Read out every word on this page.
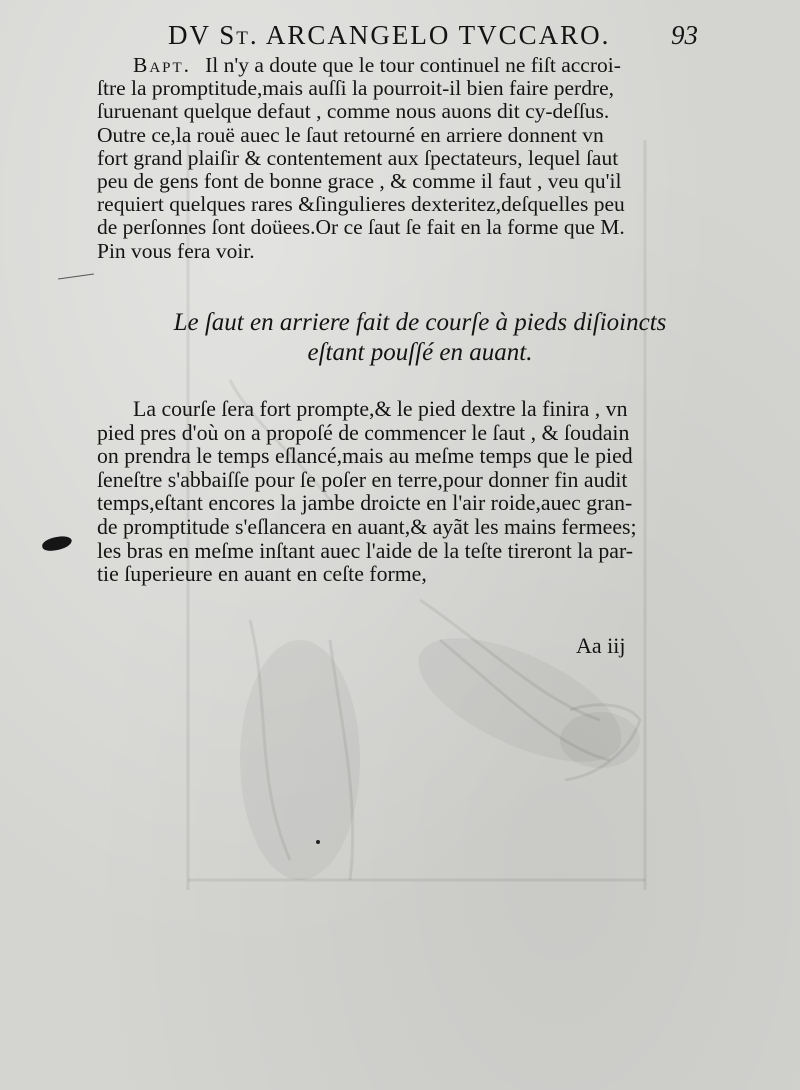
DV St. ARCANGELO TVCCARO. 93
Bapt. Il n'y a doute que le tour continuel ne fiſt accroi-
ſtre la promptitude,mais auſſi la pourroit-il bien faire perdre,
ſuruenant quelque defaut , comme nous auons dit cy-deſſus.
Outre ce,la rouë auec le ſaut retourné en arriere donnent vn
fort grand plaiſir & contentement aux ſpectateurs, lequel ſaut
peu de gens font de bonne grace , & comme il faut , veu qu'il
requiert quelques rares &ſingulieres dexteritez,deſquelles peu
de perſonnes ſont doüees.Or ce ſaut ſe fait en la forme que M.
Pin vous fera voir.
Le ſaut en arriere fait de courſe à pieds diſioincts
eſtant pouſſé en auant.
La courſe ſera fort prompte,& le pied dextre la finira , vn
pied pres d'où on a propoſé de commencer le ſaut , & ſoudain
on prendra le temps eſlancé,mais au meſme temps que le pied
ſeneſtre s'abbaiſſe pour ſe poſer en terre,pour donner fin audit
temps,eſtant encores la jambe droicte en l'air roide,auec gran-
de promptitude s'eſlancera en auant,& ayãt les mains fermees;
les bras en meſme inſtant auec l'aide de la teſte tireront la par-
tie ſuperieure en auant en ceſte forme,
Aa iij
